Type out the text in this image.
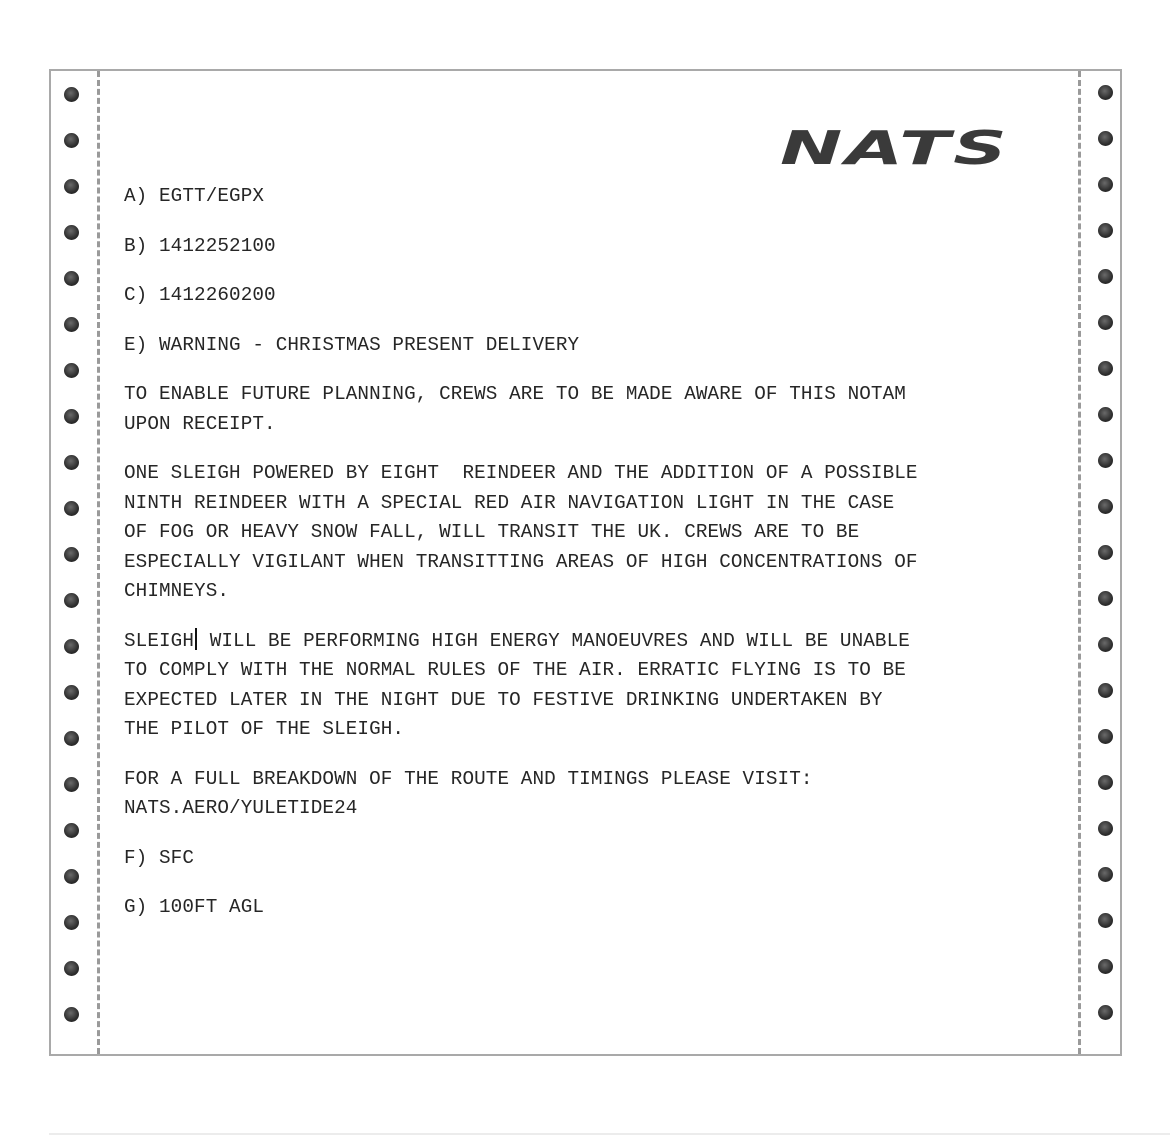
NATS

A) EGTT/EGPX

B) 1412252100

C) 1412260200

E) WARNING - CHRISTMAS PRESENT DELIVERY

TO ENABLE FUTURE PLANNING, CREWS ARE TO BE MADE AWARE OF THIS NOTAM
UPON RECEIPT.

ONE SLEIGH POWERED BY EIGHT  REINDEER AND THE ADDITION OF A POSSIBLE
NINTH REINDEER WITH A SPECIAL RED AIR NAVIGATION LIGHT IN THE CASE
OF FOG OR HEAVY SNOW FALL, WILL TRANSIT THE UK. CREWS ARE TO BE
ESPECIALLY VIGILANT WHEN TRANSITTING AREAS OF HIGH CONCENTRATIONS OF
CHIMNEYS.

SLEIGH WILL BE PERFORMING HIGH ENERGY MANOEUVRES AND WILL BE UNABLE
TO COMPLY WITH THE NORMAL RULES OF THE AIR. ERRATIC FLYING IS TO BE
EXPECTED LATER IN THE NIGHT DUE TO FESTIVE DRINKING UNDERTAKEN BY
THE PILOT OF THE SLEIGH.

FOR A FULL BREAKDOWN OF THE ROUTE AND TIMINGS PLEASE VISIT:
NATS.AERO/YULETIDE24

F) SFC

G) 100FT AGL
